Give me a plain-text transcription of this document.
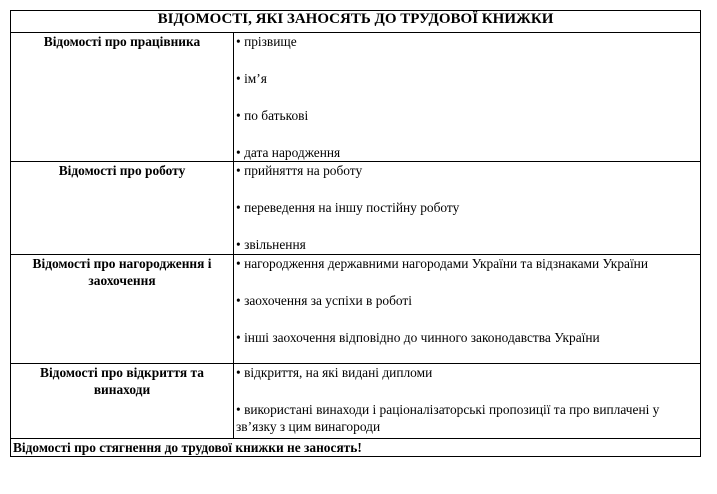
ВІДОМОСТІ, ЯКІ ЗАНОСЯТЬ ДО ТРУДОВОЇ КНИЖКИ	
Відомості про працівника	• прізвище
• ім’я
• по батькові
• дата народження

Відомості про роботу	• прийняття на роботу
• переведення на іншу постійну роботу
• звільнення

Відомості про нагородження і заохочення	• нагородження державними нагородами України та відзнаками України
• заохочення за успіхи в роботі
• інші заохочення відповідно до чинного законодавства України

Відомості про відкриття та винаходи	• відкриття, на які видані дипломи
• використані винаходи і раціоналізаторські пропозиції та про виплачені у зв’язку з цим винагороди

Відомості про стягнення до трудової книжки не заносять!	
